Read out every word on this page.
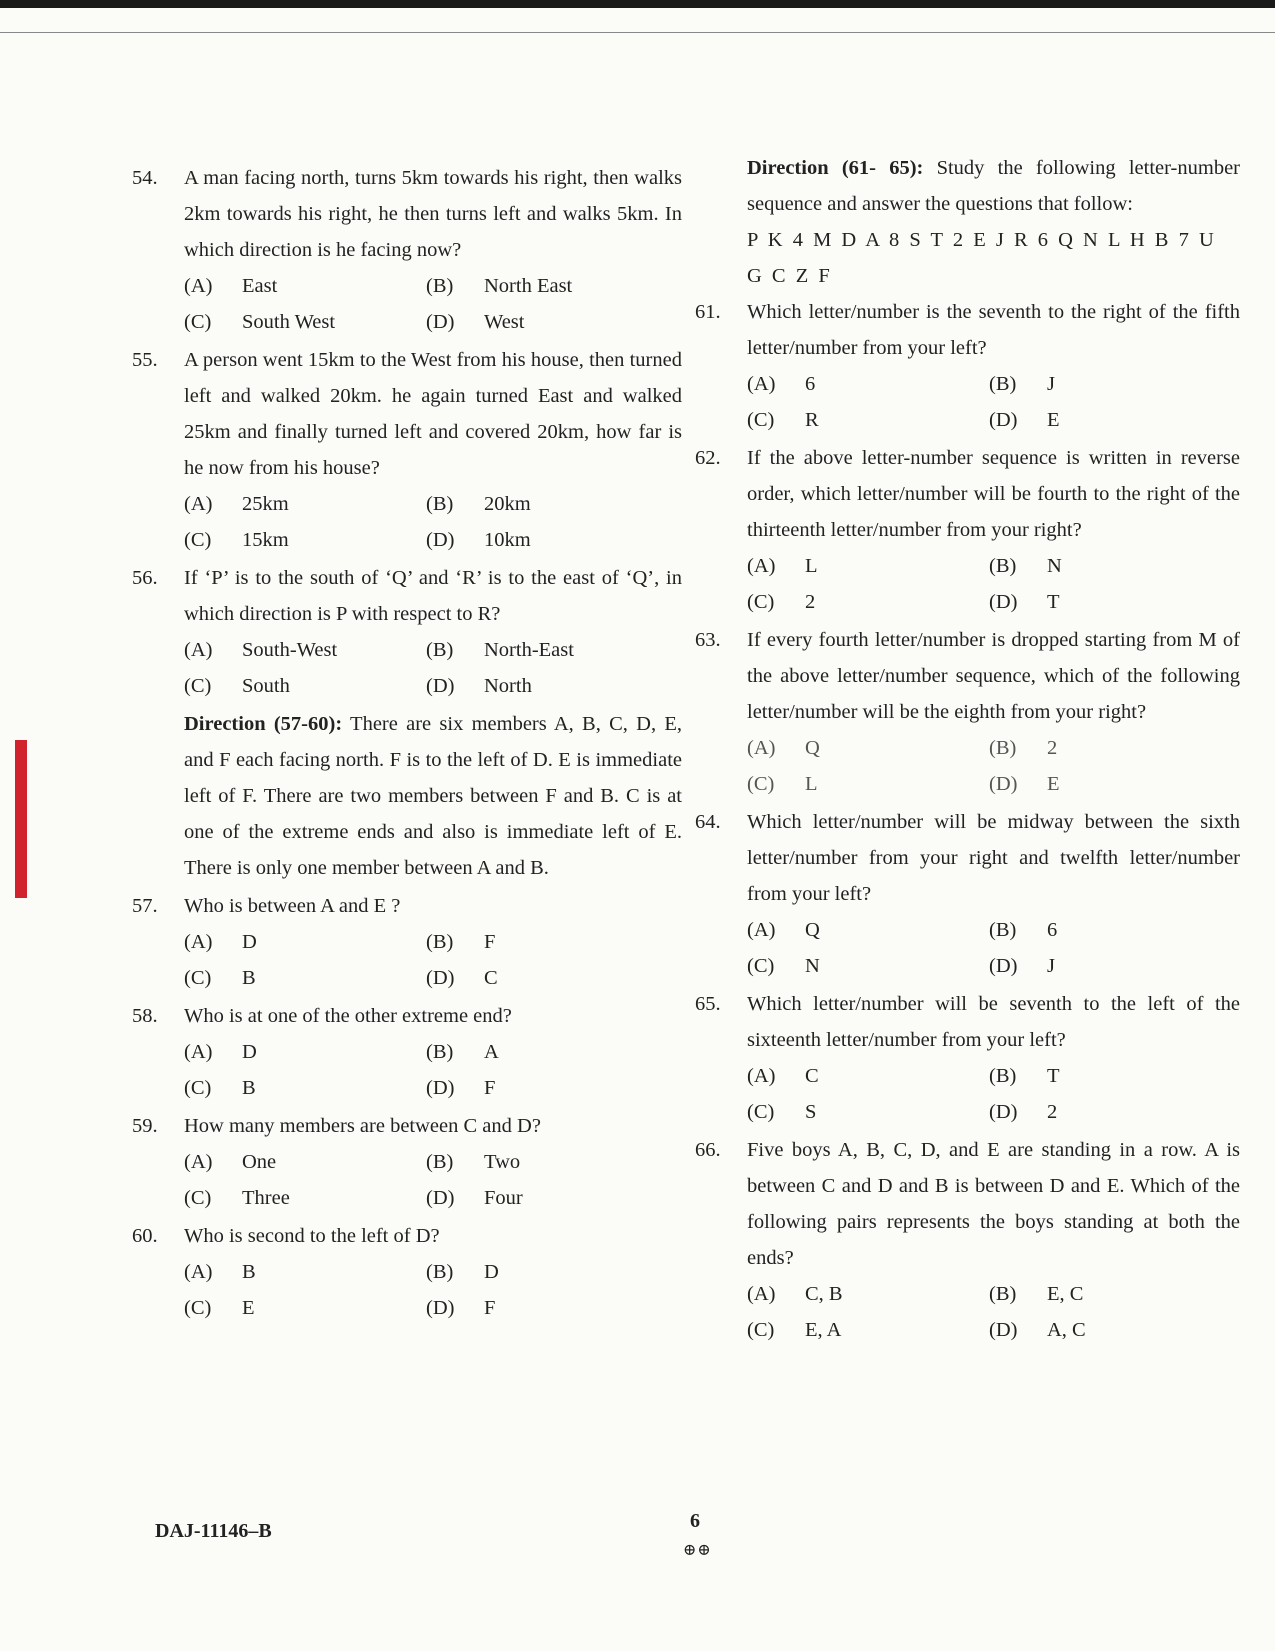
54. A man facing north, turns 5km towards his right, then walks 2km towards his right, he then turns left and walks 5km. In which direction is he facing now?
(A) East	(B) North East
(C) South West	(D) West
55. A person went 15km to the West from his house, then turned left and walked 20km. he again turned East and walked 25km and finally turned left and covered 20km, how far is he now from his house?
(A) 25km	(B) 20km
(C) 15km	(D) 10km
56. If ‘P’ is to the south of ‘Q’ and ‘R’ is to the east of ‘Q’, in which direction is P with respect to R?
(A) South-West	(B) North-East
(C) South	(D) North
Direction (57-60): There are six members A, B, C, D, E, and F each facing north. F is to the left of D. E is immediate left of F. There are two members between F and B. C is at one of the extreme ends and also is immediate left of E. There is only one member between A and B.
57. Who is between A and E ?
(A) D	(B) F
(C) B	(D) C
58. Who is at one of the other extreme end?
(A) D	(B) A
(C) B	(D) F
59. How many members are between C and D?
(A) One	(B) Two
(C) Three	(D) Four
60. Who is second to the left of D?
(A) B	(B) D
(C) E	(D) F
Direction (61- 65): Study the following letter-number sequence and answer the questions that follow:
P K 4 M D A 8 S T 2 E J R 6 Q N L H B 7 U G C Z F
61. Which letter/number is the seventh to the right of the fifth letter/number from your left?
(A) 6	(B) J
(C) R	(D) E
62. If the above letter-number sequence is written in reverse order, which letter/number will be fourth to the right of the thirteenth letter/number from your right?
(A) L	(B) N
(C) 2	(D) T
63. If every fourth letter/number is dropped starting from M of the above letter/number sequence, which of the following letter/number will be the eighth from your right?
(A) Q	(B) 2
(C) L	(D) E
64. Which letter/number will be midway between the sixth letter/number from your right and twelfth letter/number from your left?
(A) Q	(B) 6
(C) N	(D) J
65. Which letter/number will be seventh to the left of the sixteenth letter/number from your left?
(A) C	(B) T
(C) S	(D) 2
66. Five boys A, B, C, D, and E are standing in a row. A is between C and D and B is between D and E. Which of the following pairs represents the boys standing at both the ends?
(A) C, B	(B) E, C
(C) E, A	(D) A, C
DAJ-11146–B	6
⊕⊕
